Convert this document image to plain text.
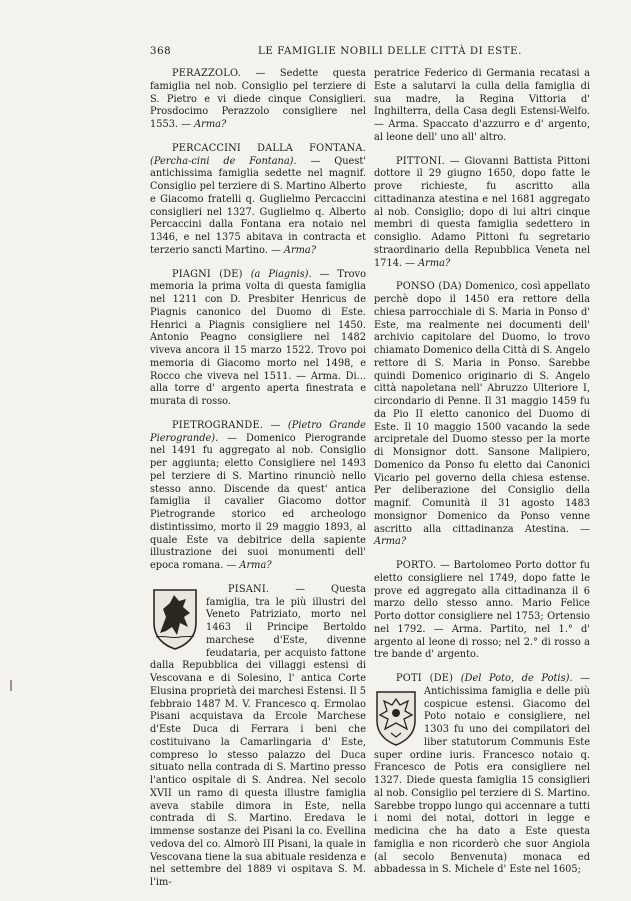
368	LE FAMIGLIE NOBILI DELLE CITTÀ DI ESTE.

PERAZZOLO. — Sedette questa famiglia nel nob. Consiglio pel terziere di S. Pietro e vi diede cinque Consiglieri. Prosdocimo Perazzolo consigliere nel 1553. — Arma?

PERCACCINI DALLA FONTANA. (Percha-cini de Fontana). — Quest' antichissima famiglia sedette nel magnif. Consiglio pel terziere di S. Martino Alberto e Giacomo fratelli q. Guglielmo Percaccini consiglieri nel 1327. Guglielmo q. Alberto Percaccini dalla Fontana era notaio nel 1346, e nel 1375 abitava in contracta et terzerio sancti Martino. — Arma?

PIAGNI (DE) (a Piagnis). — Trovo memoria la prima volta di questa famiglia nel 1211 con D. Presbiter Henricus de Piagnis canonico del Duomo di Este. Henrici a Piagnis consigliere nel 1450. Antonio Peagno consigliere nel 1482 viveva ancora il 15 marzo 1522. Trovo poi memoria di Giacomo morto nel 1498, e Rocco che viveva nel 1511. — Arma. Di... alla torre d' argento aperta finestrata e murata di rosso.

PIETROGRANDE. — (Pietro Grande Pierogrande). — Domenico Pierogrande nel 1491 fu aggregato al nob. Consiglio per aggiunta; eletto Consigliere nel 1493 pel terziere di S. Martino rinunciò nello stesso anno. Discende da quest' antica famiglia il cavalier Giacomo dottor Pietrogrande storico ed archeologo distintissimo, morto il 29 maggio 1893, al quale Este va debitrice della sapiente illustrazione dei suoi monumenti dell' epoca romana. — Arma?

PISANI.	— Questa famiglia, tra le più illustri del Veneto Patriziato, morto nel 1463 il Principe Bertoldo marchese d'Este, divenne feudataria, per acquisto fattone dalla Repubblica dei villaggi estensi di Vescovana e di Solesino, l' antica Corte Elusina proprietà dei marchesi Estensi. Il 5 febbraio 1487 M. V. Francesco q. Ermolao Pisani acquistava da Ercole Marchese d'Este Duca di Ferrara i beni che costituivano la Camarlingaria d' Este, compreso lo stesso palazzo del Duca situato nella contrada di S. Martino presso l'antico ospitale di S. Andrea. Nel secolo XVII un ramo di questa illustre famiglia aveva stabile dimora in Este, nella contrada di S. Martino. Eredava le immense sostanze dei Pisani la co. Evellina vedova del co. Almorò III Pisani, la quale in Vescovana tiene la sua abituale residenza e nel settembre del 1889 vi ospitava S. M. l'im-

peratrice Federico di Germania recatasi a Este a salutarvi la culla della famiglia di sua madre, la Regina Vittoria d' Inghilterra, della Casa degli Estensi-Welfo. — Arma. Spaccato d'azzurro e d' argento, al leone dell' uno all' altro.

PITTONI. — Giovanni Battista Pittoni dottore il 29 giugno 1650, dopo fatte le prove richieste, fu ascritto alla cittadinanza atestina e nel 1681 aggregato al nob. Consiglio; dopo di lui altri cinque membri di questa famiglia sedettero in consiglio. Adamo Pittoni fu segretario straordinario della Repubblica Veneta nel 1714. — Arma?

PONSO (DA) Domenico, così appellato perchè dopo il 1450 era rettore della chiesa parrocchiale di S. Maria in Ponso d' Este, ma realmente nei documenti dell' archivio capitolare del Duomo, lo trovo chiamato Domenico della Città di S. Angelo rettore di S. Maria in Ponso. Sarebbe quindi Domenico originario di S. Angelo città napoletana nell' Abruzzo Ulteriore I, circondario di Penne. Il 31 maggio 1459 fu da Pio II eletto canonico del Duomo di Este. Il 10 maggio 1500 vacando la sede arcipretale del Duomo stesso per la morte di Monsignor dott. Sansone Malipiero, Domenico da Ponso fu eletto dai Canonici Vicario pel governo della chiesa estense. Per deliberazione del Consiglio della magnif. Comunità il 31 agosto 1483 monsignor Domenico da Ponso venne ascritto alla cittadinanza Atestina. — Arma?

PORTO. — Bartolomeo Porto dottor fu eletto consigliere nel 1749, dopo fatte le prove ed aggregato alla cittadinanza il 6 marzo dello stesso anno. Mario Felice Porto dottor consigliere nel 1753; Ortensio nel 1792. — Arma. Partito, nel 1.° d' argento al leone di rosso; nel 2.° di rosso a tre bande d' argento.

POTI (DE) (Del Poto, de Potis). — Antichissima famiglia e delle più cospicue estensi. Giacomo del Poto notaio e consigliere, nel 1303 fu uno dei compilatori del liber statutorum Communis Este super ordine iuris. Francesco notaio q. Francesco de Potis era consigliere nel 1327. Diede questa famiglia 15 consiglieri al nob. Consiglio pel terziere di S. Martino. Sarebbe troppo lungo qui accennare a tutti i nomi dei notai, dottori in legge e medicina che ha dato a Este questa famiglia e non ricorderò che suor Angiola (al secolo Benvenuta) monaca ed abbadessa in S. Michele d' Este nel 1605;
